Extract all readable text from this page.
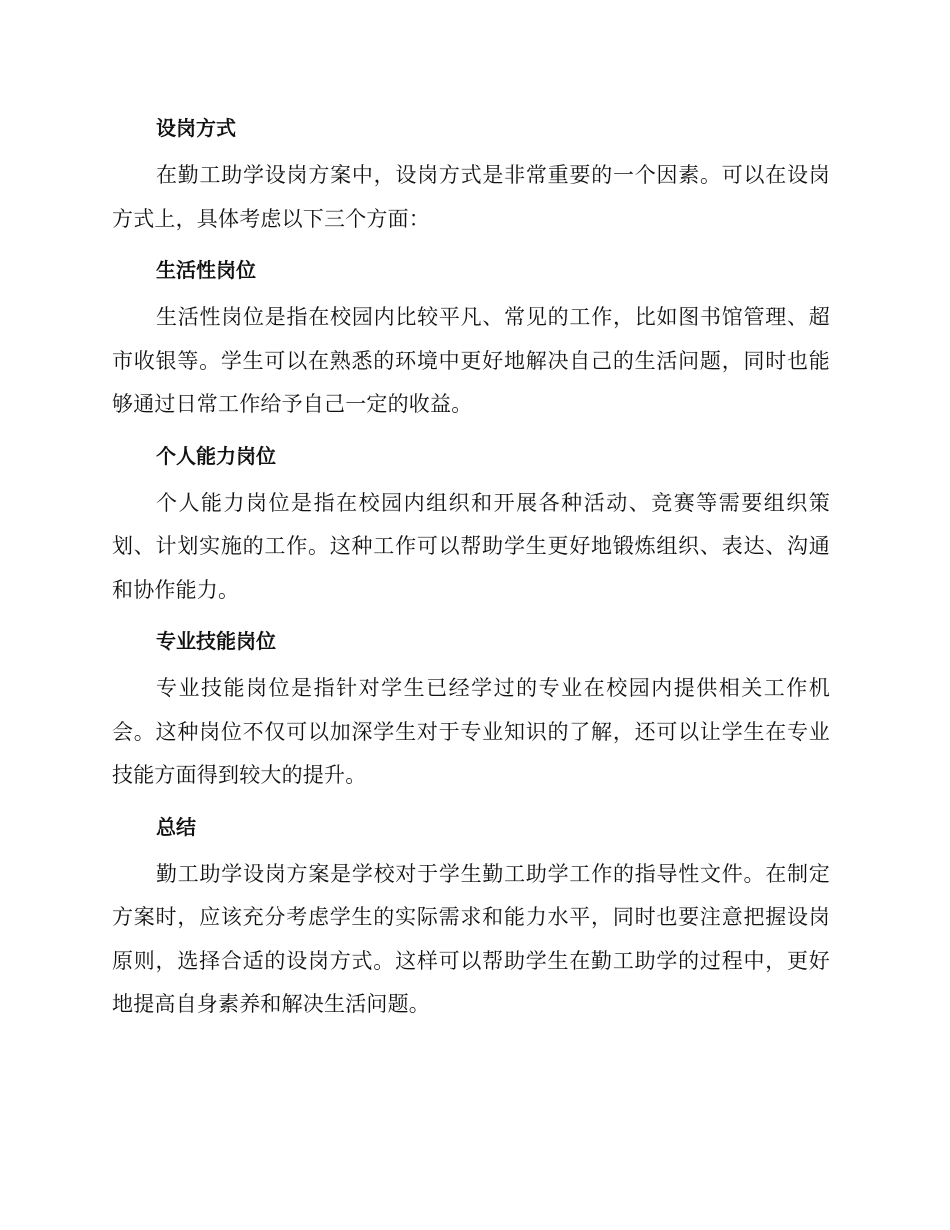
设岗方式

在勤工助学设岗方案中，设岗方式是非常重要的一个因素。可以在设岗方式上，具体考虑以下三个方面：

生活性岗位

生活性岗位是指在校园内比较平凡、常见的工作，比如图书馆管理、超市收银等。学生可以在熟悉的环境中更好地解决自己的生活问题，同时也能够通过日常工作给予自己一定的收益。

个人能力岗位

个人能力岗位是指在校园内组织和开展各种活动、竞赛等需要组织策划、计划实施的工作。这种工作可以帮助学生更好地锻炼组织、表达、沟通和协作能力。

专业技能岗位

专业技能岗位是指针对学生已经学过的专业在校园内提供相关工作机会。这种岗位不仅可以加深学生对于专业知识的了解，还可以让学生在专业技能方面得到较大的提升。

总结

勤工助学设岗方案是学校对于学生勤工助学工作的指导性文件。在制定方案时，应该充分考虑学生的实际需求和能力水平，同时也要注意把握设岗原则，选择合适的设岗方式。这样可以帮助学生在勤工助学的过程中，更好地提高自身素养和解决生活问题。
